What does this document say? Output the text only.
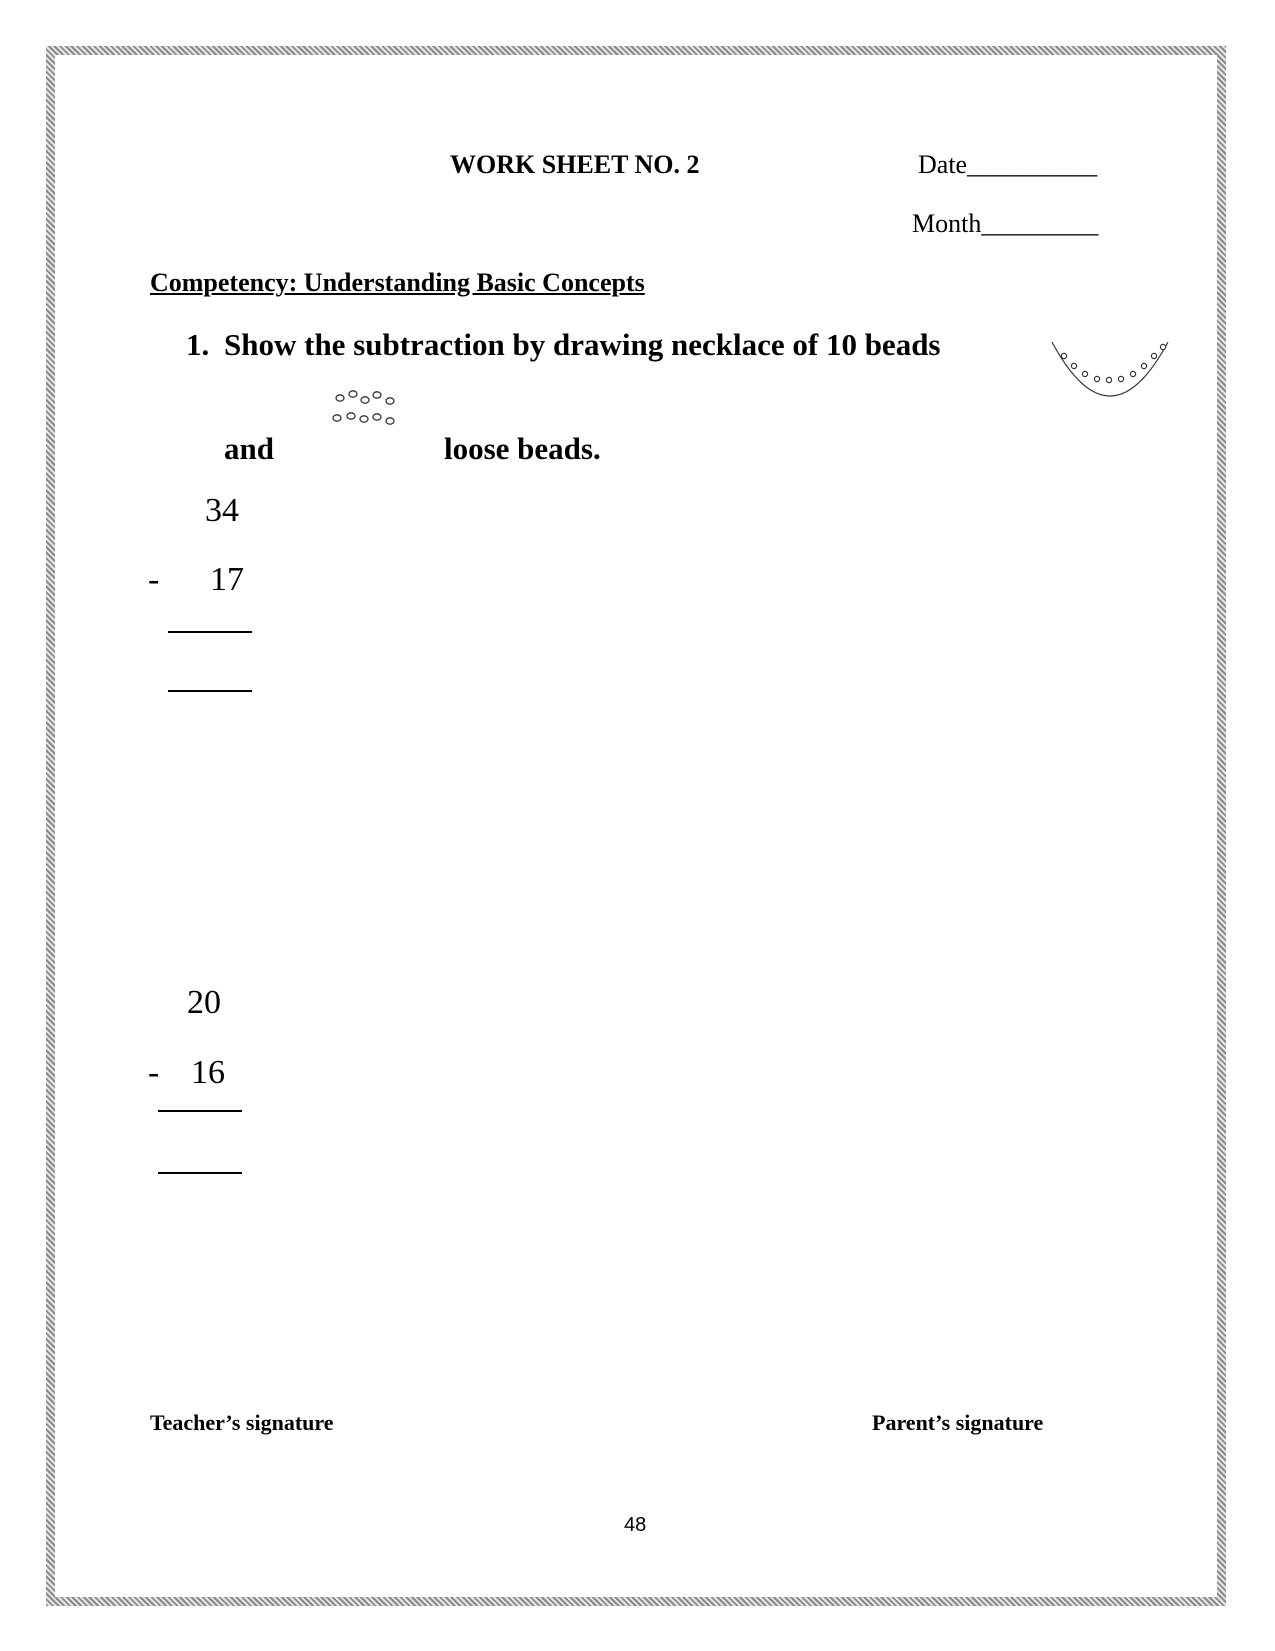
WORK SHEET NO. 2	Date__________
Month_________
Competency: Understanding Basic Concepts
1. Show the subtraction by drawing necklace of 10 beads
and	loose beads.
34
- 17
20
- 16
Teacher’s signature	Parent’s signature
48
